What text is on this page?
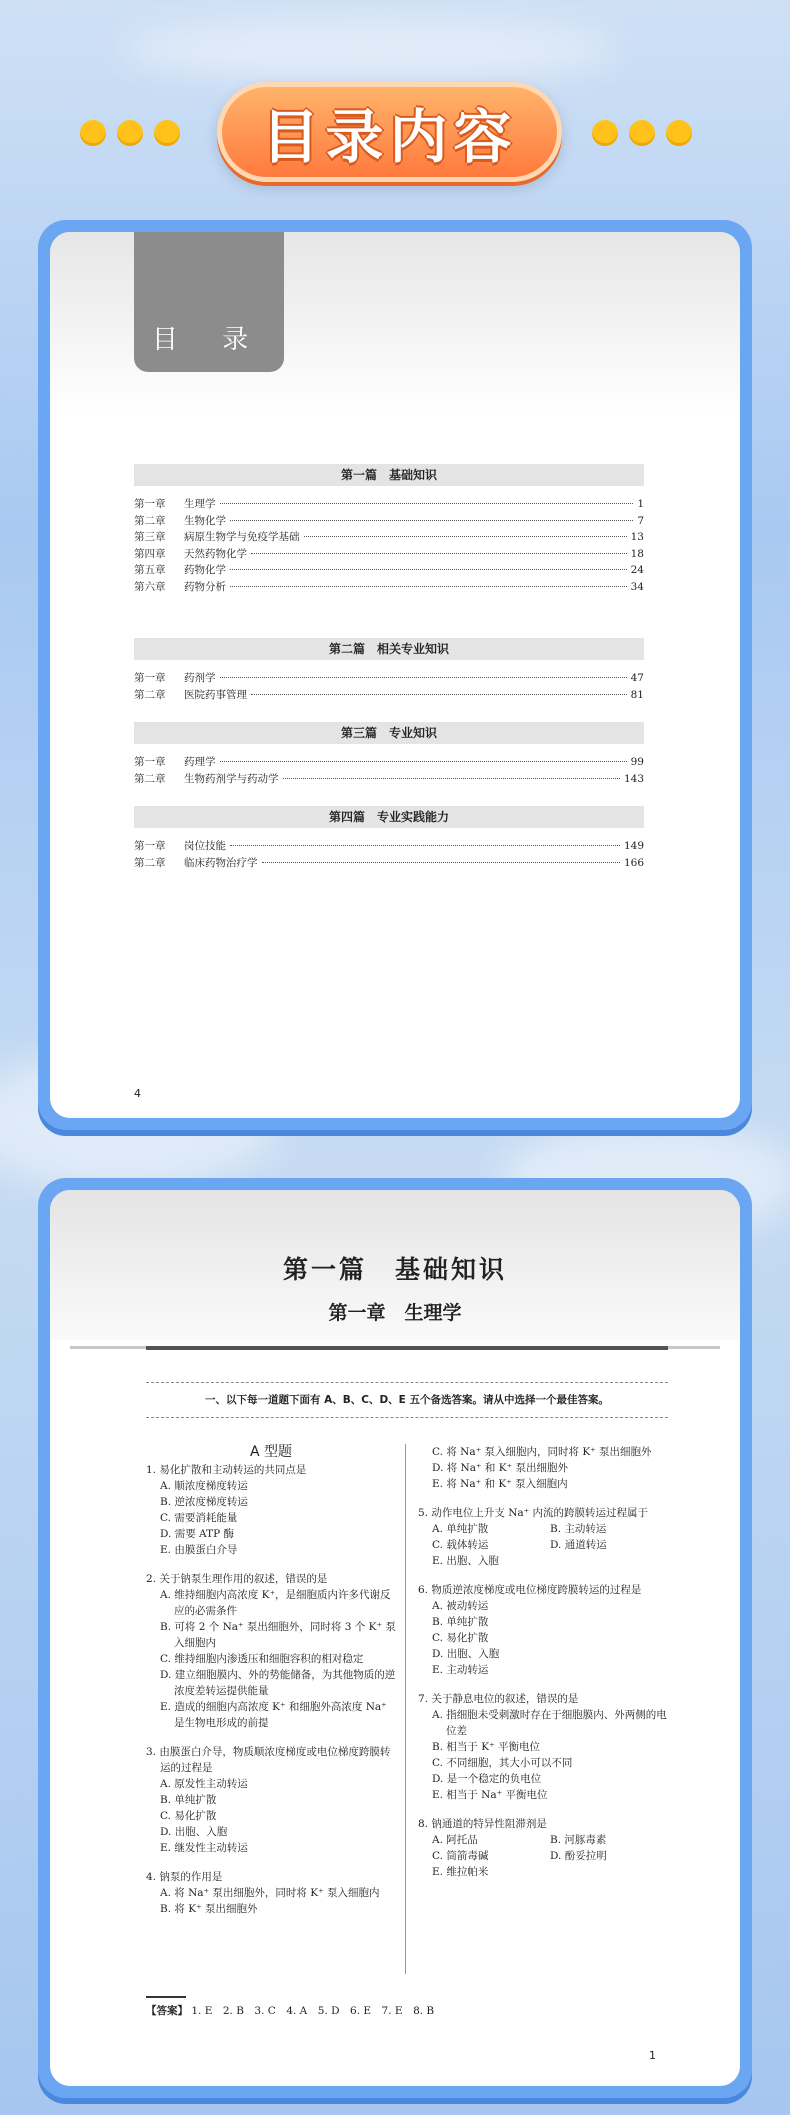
目录内容
目 录
第一篇　基础知识
第一章	生理学	1
第二章	生物化学	7
第三章	病原生物学与免疫学基础	13
第四章	天然药物化学	18
第五章	药物化学	24
第六章	药物分析	34
第二篇　相关专业知识
第一章	药剂学	47
第二章	医院药事管理	81
第三篇　专业知识
第一章	药理学	99
第二章	生物药剂学与药动学	143
第四篇　专业实践能力
第一章	岗位技能	149
第二章	临床药物治疗学	166
4
第一篇　基础知识
第一章　生理学
一、以下每一道题下面有 A、B、C、D、E 五个备选答案。请从中选择一个最佳答案。
A 型题
1. 易化扩散和主动转运的共同点是
A. 顺浓度梯度转运
B. 逆浓度梯度转运
C. 需要消耗能量
D. 需要 ATP 酶
E. 由膜蛋白介导
2. 关于钠泵生理作用的叙述，错误的是
A. 维持细胞内高浓度 K⁺，是细胞质内许多代谢反应的必需条件
B. 可将 2 个 Na⁺ 泵出细胞外，同时将 3 个 K⁺ 泵入细胞内
C. 维持细胞内渗透压和细胞容积的相对稳定
D. 建立细胞膜内、外的势能储备，为其他物质的逆浓度差转运提供能量
E. 造成的细胞内高浓度 K⁺ 和细胞外高浓度 Na⁺ 是生物电形成的前提
3. 由膜蛋白介导，物质顺浓度梯度或电位梯度跨膜转运的过程是
A. 原发性主动转运
B. 单纯扩散
C. 易化扩散
D. 出胞、入胞
E. 继发性主动转运
4. 钠泵的作用是
A. 将 Na⁺ 泵出细胞外，同时将 K⁺ 泵入细胞内
B. 将 K⁺ 泵出细胞外
C. 将 Na⁺ 泵入细胞内，同时将 K⁺ 泵出细胞外
D. 将 Na⁺ 和 K⁺ 泵出细胞外
E. 将 Na⁺ 和 K⁺ 泵入细胞内
5. 动作电位上升支 Na⁺ 内流的跨膜转运过程属于
A. 单纯扩散	B. 主动转运
C. 载体转运	D. 通道转运
E. 出胞、入胞
6. 物质逆浓度梯度或电位梯度跨膜转运的过程是
A. 被动转运
B. 单纯扩散
C. 易化扩散
D. 出胞、入胞
E. 主动转运
7. 关于静息电位的叙述，错误的是
A. 指细胞未受刺激时存在于细胞膜内、外两侧的电位差
B. 相当于 K⁺ 平衡电位
C. 不同细胞，其大小可以不同
D. 是一个稳定的负电位
E. 相当于 Na⁺ 平衡电位
8. 钠通道的特异性阻滞剂是
A. 阿托品	B. 河豚毒素
C. 筒箭毒碱	D. 酚妥拉明
E. 维拉帕米
【答案】 1. E　2. B　3. C　4. A　5. D　6. E　7. E　8. B
1
